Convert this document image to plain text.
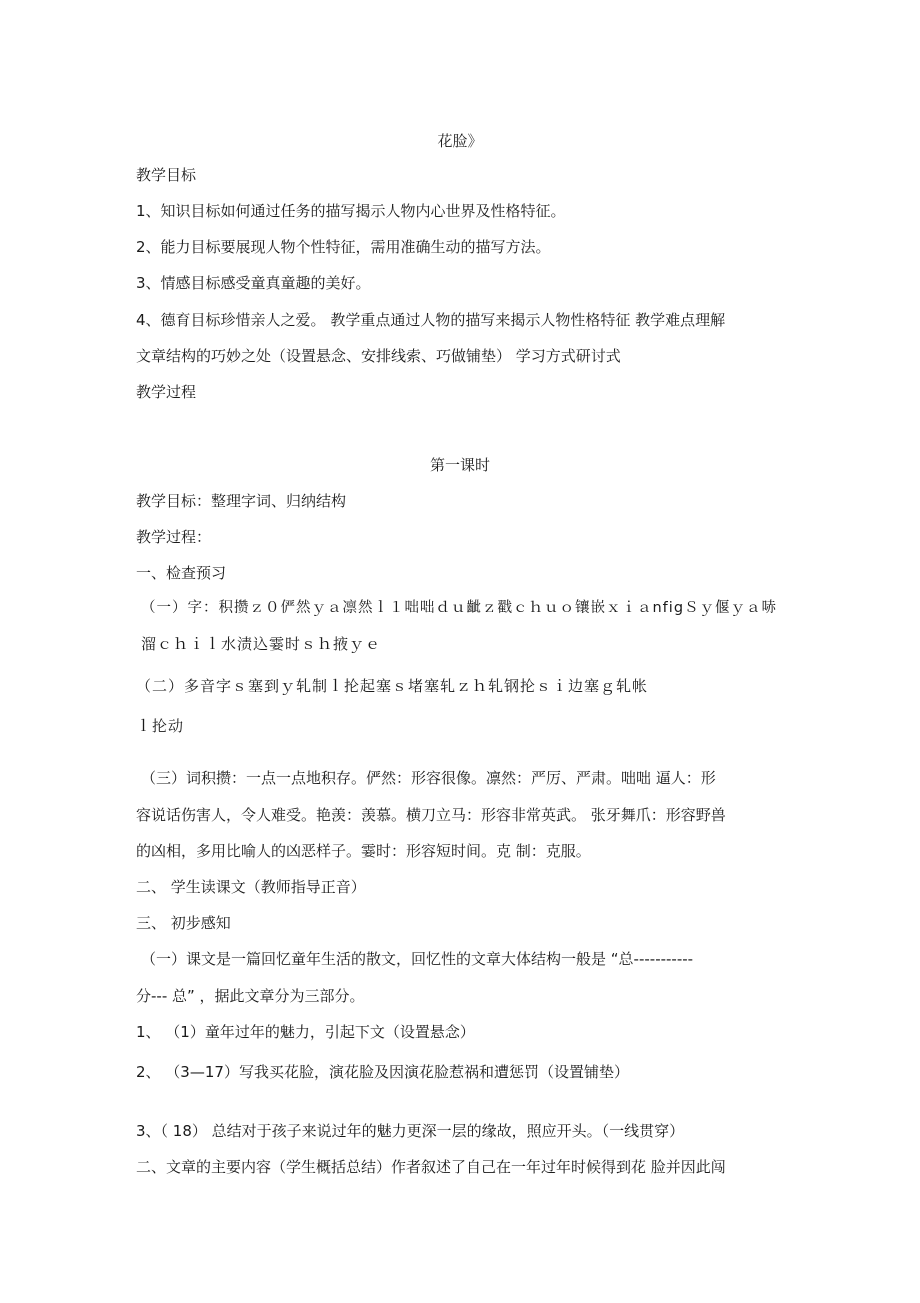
花脸》
教学目标
1、知识目标如何通过任务的描写揭示人物内心世界及性格特征。
2、能力目标要展现人物个性特征，需用准确生动的描写方法。
3、情感目标感受童真童趣的美好。
4、德育目标珍惜亲人之爱。 教学重点通过人物的描写来揭示人物性格特征 教学难点理解
文章结构的巧妙之处（设置悬念、安排线索、巧做铺垫） 学习方式研讨式
教学过程
第一课时
教学目标：整理字词、归纳结构
教学过程：
一、检查预习
（一）字：积攒ｚ０俨然ｙａ凛然ｌ１咄咄ｄｕ齜ｚ戳ｃｈｕｏ镶嵌ｘｉａnfigＳｙ偃ｙａ哧
溜ｃｈｉｌ水渍込霎时ｓｈ掖ｙｅ
（二）多音字ｓ塞到ｙ轧制ｌ抡起塞ｓ堵塞轧ｚｈ轧钢抡ｓｉ边塞ｇ轧帐
ｌ抡动
（三）词积攒：一点一点地积存。俨然：形容很像。凛然：严厉、严肃。咄咄 逼人：形
容说话伤害人，令人难受。艳羡：羡慕。横刀立马：形容非常英武。 张牙舞爪：形容野兽
的凶相，多用比喻人的凶恶样子。霎时：形容短时间。克 制：克服。
二、 学生读课文（教师指导正音）
三、 初步感知
（一）课文是一篇回忆童年生活的散文，回忆性的文章大体结构一般是 “总-----------
分--- 总” ，据此文章分为三部分。
1、 （1）童年过年的魅力，引起下文（设置悬念）
2、 （3—17）写我买花脸，演花脸及因演花脸惹祸和遭惩罚（设置铺垫）
3、（ 18） 总结对于孩子来说过年的魅力更深一层的缘故，照应开头。（一线贯穿）
二、文章的主要内容（学生概括总结）作者叙述了自己在一年过年时候得到花 脸并因此闯
